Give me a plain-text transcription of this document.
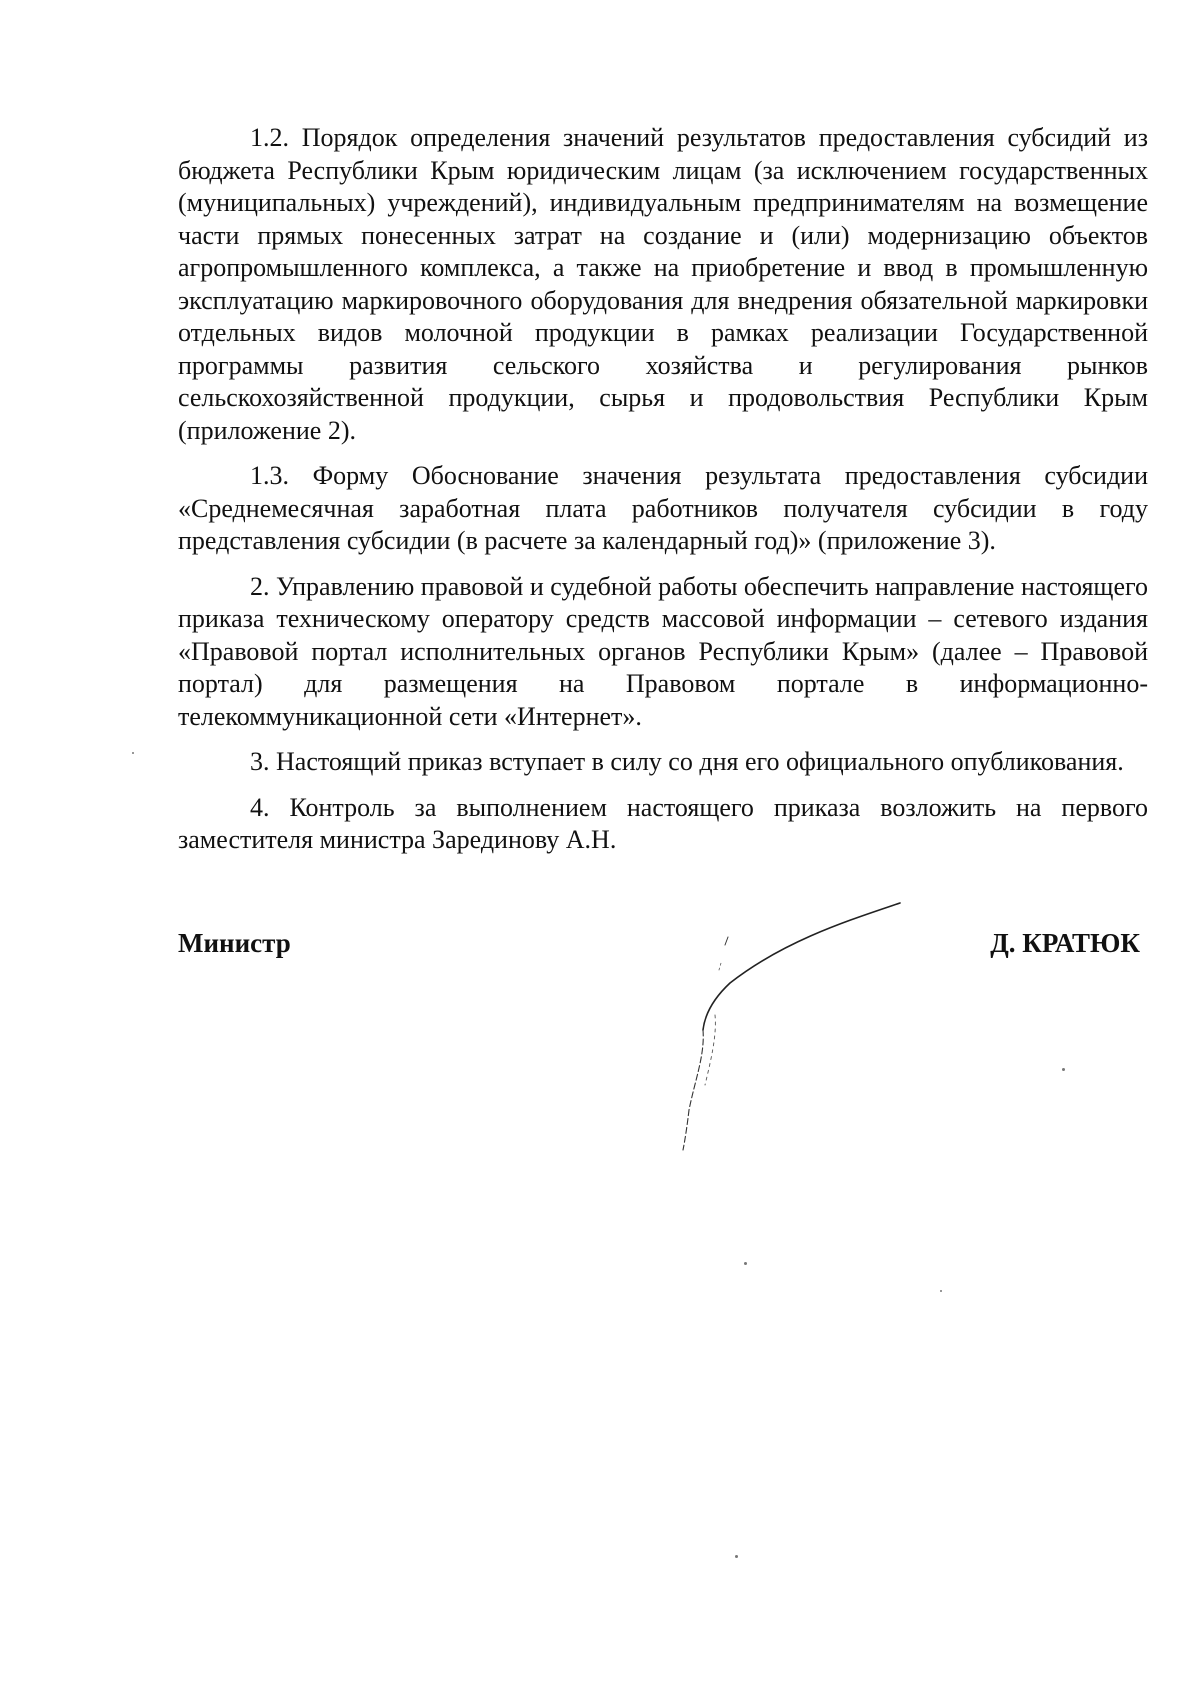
1.2. Порядок определения значений результатов предоставления субсидий из бюджета Республики Крым юридическим лицам (за исключением государственных (муниципальных) учреждений), индивидуальным предпринимателям на возмещение части прямых понесенных затрат на создание и (или) модернизацию объектов агропромышленного комплекса, а также на приобретение и ввод в промышленную эксплуатацию маркировочного оборудования для внедрения обязательной маркировки отдельных видов молочной продукции в рамках реализации Государственной программы развития сельского хозяйства и регулирования рынков сельскохозяйственной продукции, сырья и продовольствия Республики Крым (приложение 2).

1.3. Форму Обоснование значения результата предоставления субсидии «Среднемесячная заработная плата работников получателя субсидии в году представления субсидии (в расчете за календарный год)» (приложение 3).

2. Управлению правовой и судебной работы обеспечить направление настоящего приказа техническому оператору средств массовой информации – сетевого издания «Правовой портал исполнительных органов Республики Крым» (далее – Правовой портал) для размещения на Правовом портале в информационно-телекоммуникационной сети «Интернет».

3. Настоящий приказ вступает в силу со дня его официального опубликования.

4. Контроль за выполнением настоящего приказа возложить на первого заместителя министра Зарединову А.Н.

Министр	Д. КРАТЮК
